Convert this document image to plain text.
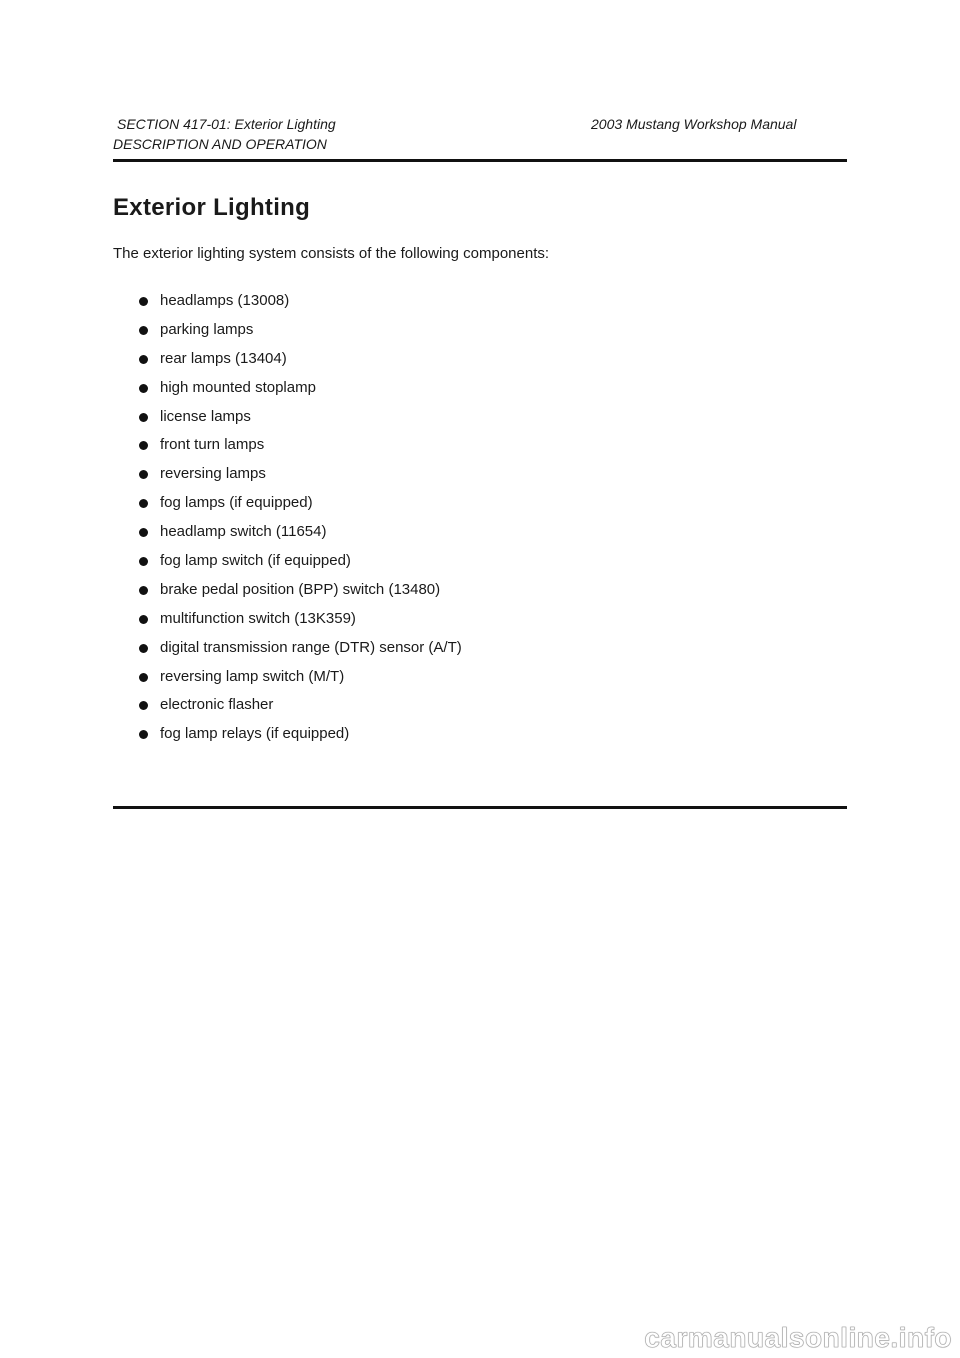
SECTION 417-01: Exterior Lighting	2003 Mustang Workshop Manual
DESCRIPTION AND OPERATION
Exterior Lighting

The exterior lighting system consists of the following components:

headlamps (13008)
parking lamps
rear lamps (13404)
high mounted stoplamp
license lamps
front turn lamps
reversing lamps
fog lamps (if equipped)
headlamp switch (11654)
fog lamp switch (if equipped)
brake pedal position (BPP) switch (13480)
multifunction switch (13K359)
digital transmission range (DTR) sensor (A/T)
reversing lamp switch (M/T)
electronic flasher
fog lamp relays (if equipped)
carmanualsonline.info
